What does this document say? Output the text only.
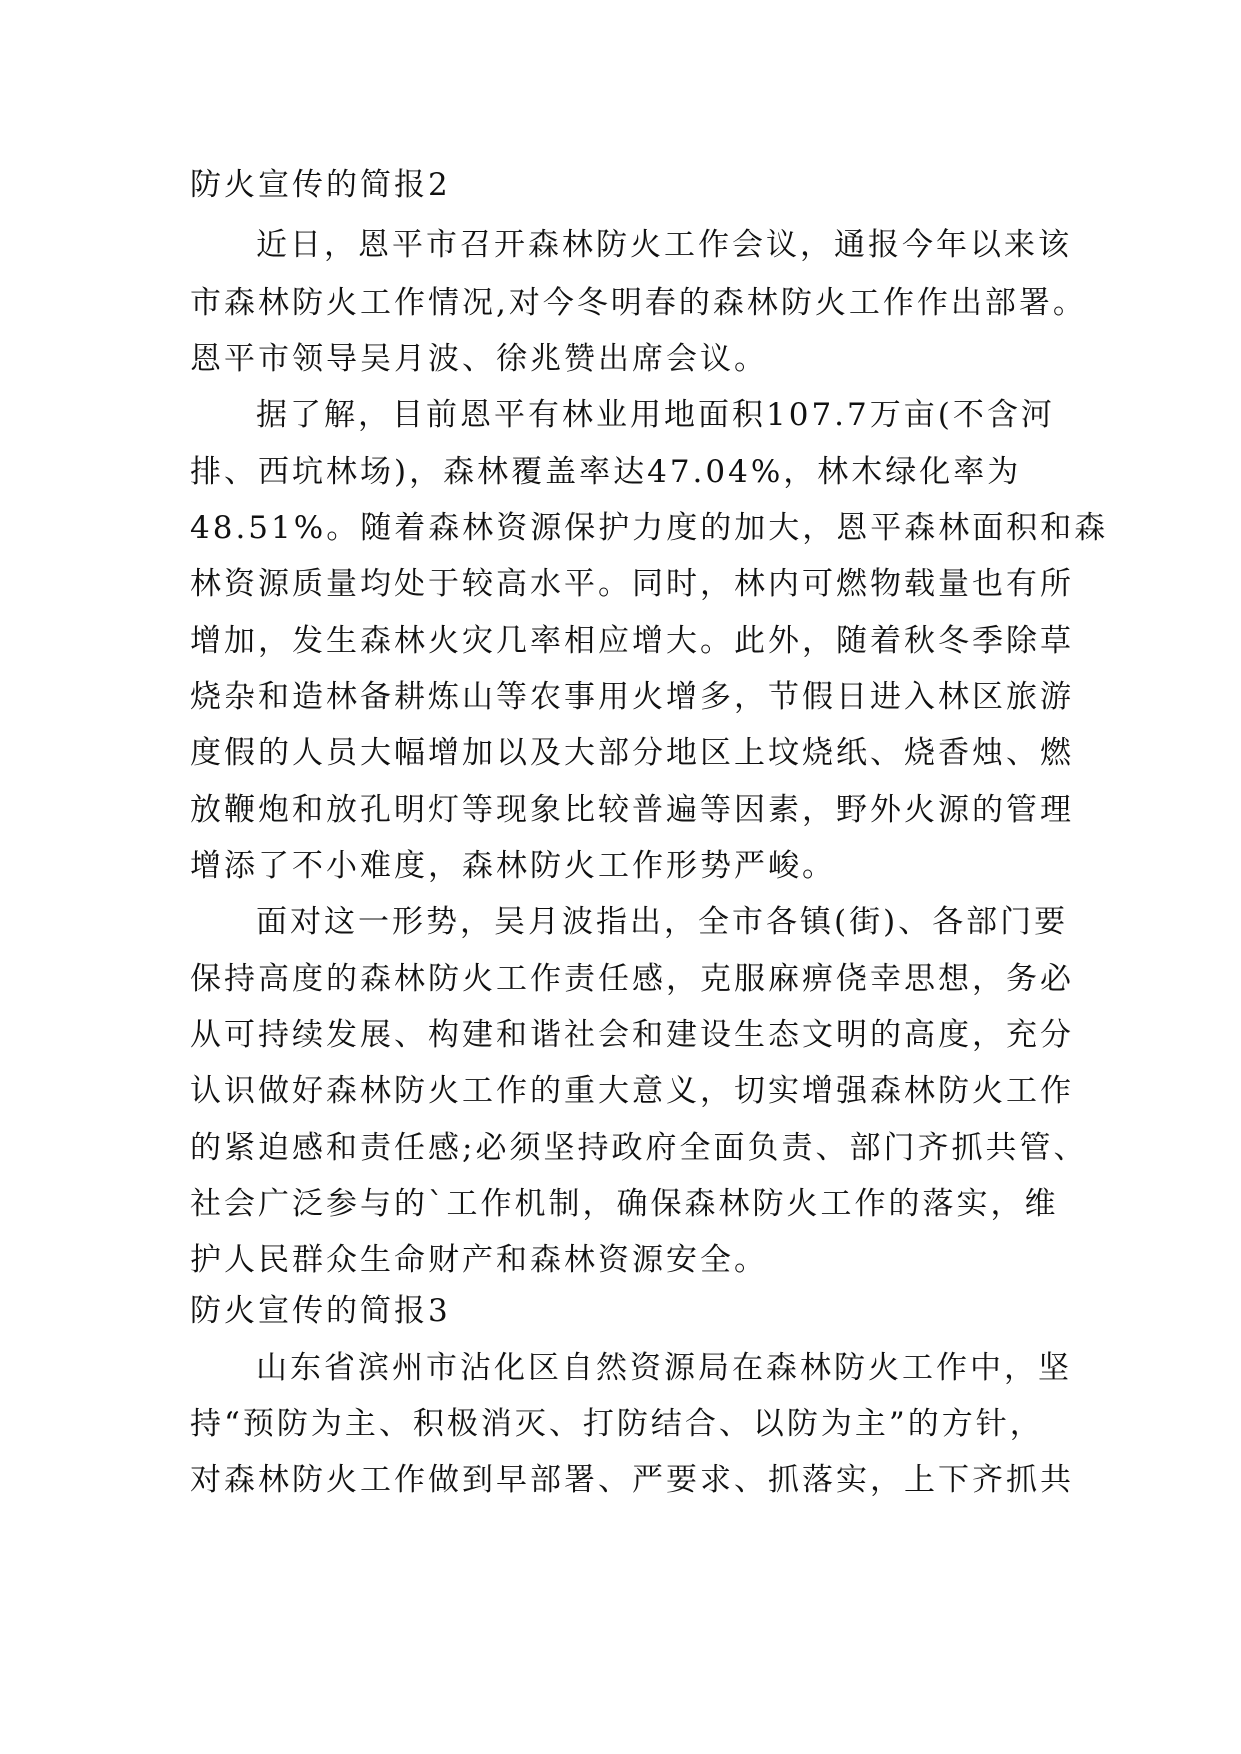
防火宣传的简报2

近日，恩平市召开森林防火工作会议，通报今年以来该

市森林防火工作情况,对今冬明春的森林防火工作作出部署。

恩平市领导吴月波、徐兆赞出席会议。

据了解，目前恩平有林业用地面积107.7万亩(不含河

排、西坑林场)，森林覆盖率达47.04%，林木绿化率为

48.51%。随着森林资源保护力度的加大，恩平森林面积和森

林资源质量均处于较高水平。同时，林内可燃物载量也有所

增加，发生森林火灾几率相应增大。此外，随着秋冬季除草

烧杂和造林备耕炼山等农事用火增多，节假日进入林区旅游

度假的人员大幅增加以及大部分地区上坟烧纸、烧香烛、燃

放鞭炮和放孔明灯等现象比较普遍等因素，野外火源的管理

增添了不小难度，森林防火工作形势严峻。

面对这一形势，吴月波指出，全市各镇(街)、各部门要

保持高度的森林防火工作责任感，克服麻痹侥幸思想，务必

从可持续发展、构建和谐社会和建设生态文明的高度，充分

认识做好森林防火工作的重大意义，切实增强森林防火工作

的紧迫感和责任感;必须坚持政府全面负责、部门齐抓共管、

社会广泛参与的`工作机制，确保森林防火工作的落实，维

护人民群众生命财产和森林资源安全。

防火宣传的简报3

山东省滨州市沾化区自然资源局在森林防火工作中，坚

持“预防为主、积极消灭、打防结合、以防为主”的方针，

对森林防火工作做到早部署、严要求、抓落实，上下齐抓共
